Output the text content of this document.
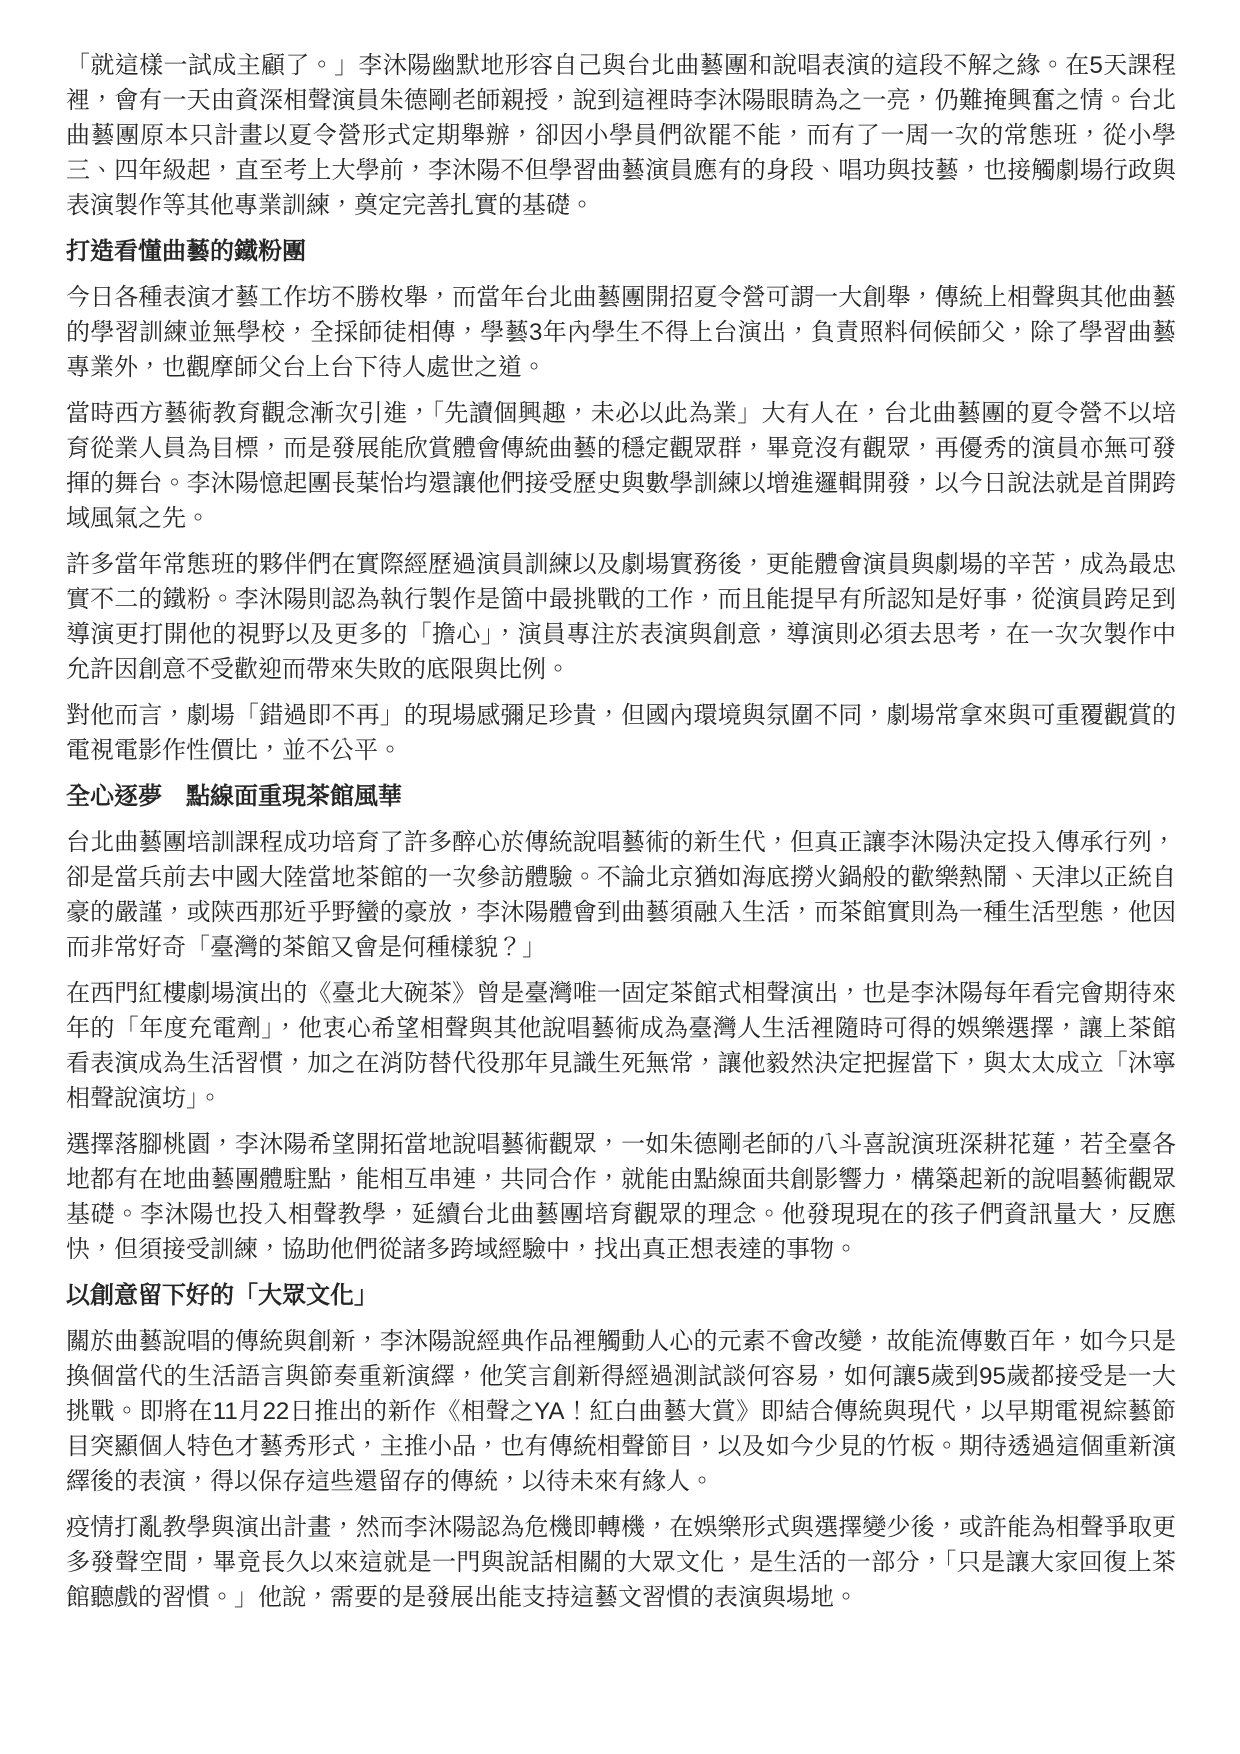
「就這樣一試成主顧了。」李沐陽幽默地形容自己與台北曲藝團和說唱表演的這段不解之緣。在5天課程裡，會有一天由資深相聲演員朱德剛老師親授，說到這裡時李沐陽眼睛為之一亮，仍難掩興奮之情。台北曲藝團原本只計畫以夏令營形式定期舉辦，卻因小學員們欲罷不能，而有了一周一次的常態班，從小學三、四年級起，直至考上大學前，李沐陽不但學習曲藝演員應有的身段、唱功與技藝，也接觸劇場行政與表演製作等其他專業訓練，奠定完善扎實的基礎。

打造看懂曲藝的鐵粉團

今日各種表演才藝工作坊不勝枚舉，而當年台北曲藝團開招夏令營可謂一大創舉，傳統上相聲與其他曲藝的學習訓練並無學校，全採師徒相傳，學藝3年內學生不得上台演出，負責照料伺候師父，除了學習曲藝專業外，也觀摩師父台上台下待人處世之道。

當時西方藝術教育觀念漸次引進，「先讀個興趣，未必以此為業」大有人在，台北曲藝團的夏令營不以培育從業人員為目標，而是發展能欣賞體會傳統曲藝的穩定觀眾群，畢竟沒有觀眾，再優秀的演員亦無可發揮的舞台。李沐陽憶起團長葉怡均還讓他們接受歷史與數學訓練以增進邏輯開發，以今日說法就是首開跨域風氣之先。

許多當年常態班的夥伴們在實際經歷過演員訓練以及劇場實務後，更能體會演員與劇場的辛苦，成為最忠實不二的鐵粉。李沐陽則認為執行製作是箇中最挑戰的工作，而且能提早有所認知是好事，從演員跨足到導演更打開他的視野以及更多的「擔心」，演員專注於表演與創意，導演則必須去思考，在一次次製作中允許因創意不受歡迎而帶來失敗的底限與比例。

對他而言，劇場「錯過即不再」的現場感彌足珍貴，但國內環境與氛圍不同，劇場常拿來與可重覆觀賞的電視電影作性價比，並不公平。

全心逐夢　點線面重現茶館風華

台北曲藝團培訓課程成功培育了許多醉心於傳統說唱藝術的新生代，但真正讓李沐陽決定投入傳承行列，卻是當兵前去中國大陸當地茶館的一次參訪體驗。不論北京猶如海底撈火鍋般的歡樂熱鬧、天津以正統自豪的嚴謹，或陝西那近乎野蠻的豪放，李沐陽體會到曲藝須融入生活，而茶館實則為一種生活型態，他因而非常好奇「臺灣的茶館又會是何種樣貌？」

在西門紅樓劇場演出的《臺北大碗茶》曾是臺灣唯一固定茶館式相聲演出，也是李沐陽每年看完會期待來年的「年度充電劑」，他衷心希望相聲與其他說唱藝術成為臺灣人生活裡隨時可得的娛樂選擇，讓上茶館看表演成為生活習慣，加之在消防替代役那年見識生死無常，讓他毅然決定把握當下，與太太成立「沐寧相聲說演坊」。

選擇落腳桃園，李沐陽希望開拓當地說唱藝術觀眾，一如朱德剛老師的八斗喜說演班深耕花蓮，若全臺各地都有在地曲藝團體駐點，能相互串連，共同合作，就能由點線面共創影響力，構築起新的說唱藝術觀眾基礎。李沐陽也投入相聲教學，延續台北曲藝團培育觀眾的理念。他發現現在的孩子們資訊量大，反應快，但須接受訓練，協助他們從諸多跨域經驗中，找出真正想表達的事物。

以創意留下好的「大眾文化」

關於曲藝說唱的傳統與創新，李沐陽說經典作品裡觸動人心的元素不會改變，故能流傳數百年，如今只是換個當代的生活語言與節奏重新演繹，他笑言創新得經過測試談何容易，如何讓5歲到95歲都接受是一大挑戰。即將在11月22日推出的新作《相聲之YA！紅白曲藝大賞》即結合傳統與現代，以早期電視綜藝節目突顯個人特色才藝秀形式，主推小品，也有傳統相聲節目，以及如今少見的竹板。期待透過這個重新演繹後的表演，得以保存這些還留存的傳統，以待未來有緣人。

疫情打亂教學與演出計畫，然而李沐陽認為危機即轉機，在娛樂形式與選擇變少後，或許能為相聲爭取更多發聲空間，畢竟長久以來這就是一門與說話相關的大眾文化，是生活的一部分，「只是讓大家回復上茶館聽戲的習慣。」他說，需要的是發展出能支持這藝文習慣的表演與場地。
